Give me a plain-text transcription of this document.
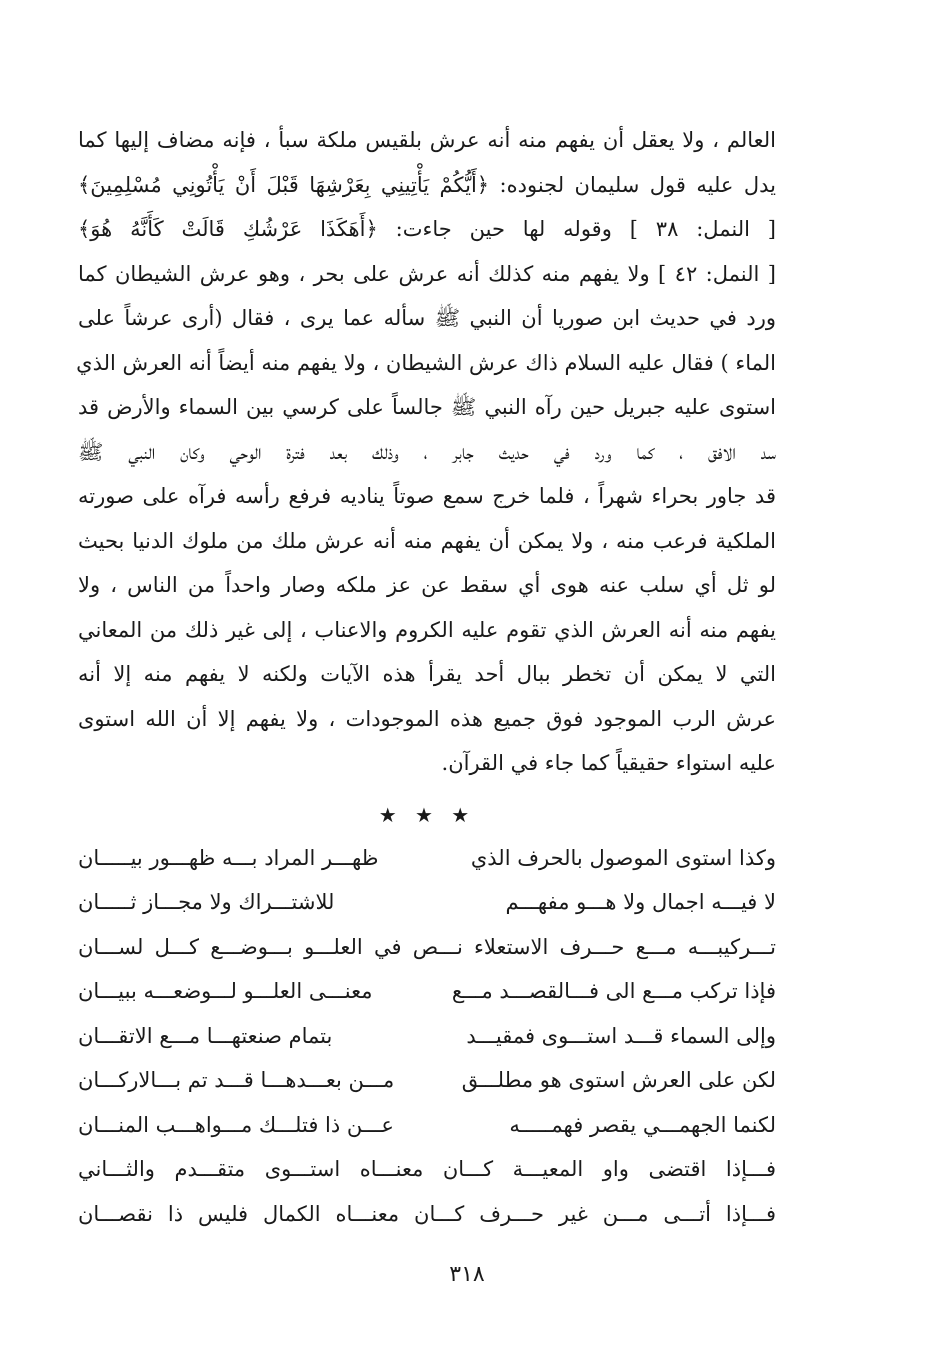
العالم ، ولا يعقل أن يفهم منه أنه عرش بلقيس ملكة سبأ ، فإنه مضاف إليها كما
يدل عليه قول سليمان لجنوده: ﴿أَيُّكُمْ يَأْتِينِي بِعَرْشِهَا قَبْلَ أَنْ يَأْتُونِي مُسْلِمِينَ﴾
[ النمل: ٣٨ ] وقوله لها حين جاءت: ﴿أَهَكَذَا عَرْشُكِ قَالَتْ كَأَنَّهُ هُوَ﴾
[ النمل: ٤٢ ] ولا يفهم منه كذلك أنه عرش على بحر ، وهو عرش الشيطان كما
ورد في حديث ابن صوريا أن النبي ﷺ سأله عما يرى ، فقال (أرى عرشاً على
الماء ) فقال عليه السلام ذاك عرش الشيطان ، ولا يفهم منه أيضاً أنه العرش الذي
استوى عليه جبريل حين رآه النبي ﷺ جالساً على كرسي بين السماء والأرض قد
سد الافق ، كما ورد في حديث جابر ، وذلك بعد فترة الوحي وكان النبي ﷺ
قد جاور بحراء شهراً ، فلما خرج سمع صوتاً يناديه فرفع رأسه فرآه على صورته
الملكية فرعب منه ، ولا يمكن أن يفهم منه أنه عرش ملك من ملوك الدنيا بحيث
لو ثل أي سلب عنه هوى أي سقط عن عز ملكه وصار واحداً من الناس ، ولا
يفهم منه أنه العرش الذي تقوم عليه الكروم والاعناب ، إلى غير ذلك من المعاني
التي لا يمكن أن تخطر ببال أحد يقرأ هذه الآيات ولكنه لا يفهم منه إلا أنه
عرش الرب الموجود فوق جميع هذه الموجودات ، ولا يفهم إلا أن الله استوى
عليه استواء حقيقياً كما جاء في القرآن.
★ ★ ★
وكذا استوى الموصول بالحرف الذي
ظهـــر المراد بـــه ظهـــور بيـــــان
لا فيـــه اجمال ولا هـــو مفهـــم
للاشتـــراك ولا مجـــاز ثـــــان
تـــركيبـــه مـــع حـــرف الاستعلاء نـــص في العلـــو بـــوضـــع كـــل لســـان
فإذا تركب مـــع الى فـــالقصـــد مـــع
معنـــى العلـــو لـــوضعـــه ببيـــان
وإلى السماء قـــد استـــوى فمقيـــد
بتمام صنعتهـــا مـــع الاتقـــان
لكن على العرش استوى هو مطلـــق
مـــن بعـــدهـــا قـــد تم بـــالاركـــان
لكنما الجهمـــي يقصر فهمـــــه
عـــن ذا فتلـــك مـــواهـــب المنـــان
فـــإذا اقتضى واو المعيـــة كـــان معنـــاه استـــوى متقـــدم والثـــاني
فـــإذا أتـــى مـــن غير حـــرف كـــان معنـــاه الكمال فليس ذا نقصـــان
٣١٨
